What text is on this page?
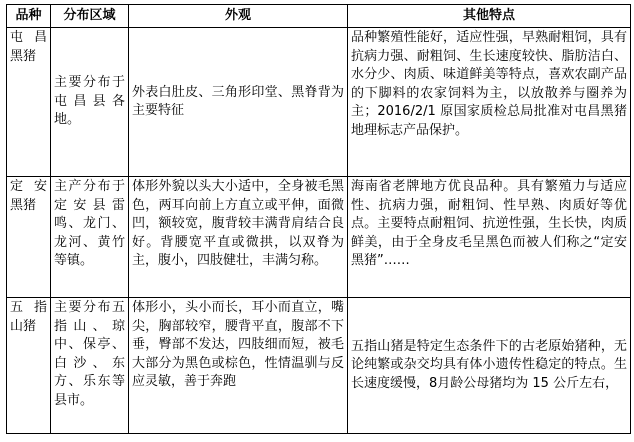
品种	分布区域	外观	其他特点
屯昌黑猪	主要分布于屯昌县各地。	外表白肚皮、三角形印堂、黑脊背为主要特征	品种繁殖性能好，适应性强，早熟耐粗饲，具有抗病力强、耐粗饲、生长速度较快、脂肪洁白、水分少、肉质、味道鲜美等特点，喜欢农副产品的下脚料的农家饲料为主，以放散养与圈养为主；2016/2/1 原国家质检总局批准对屯昌黑猪地理标志产品保护。
定安黑猪	主产分布于定安县雷鸣、龙门、龙河、黄竹等镇。	体形外貌以头大小适中，全身被毛黑色，两耳向前上方直立或平伸，面微凹，额较宽，腹背较丰满背肩结合良好。背腰宽平直或微拱，以双脊为主，腹小，四肢健壮，丰满匀称。	海南省老牌地方优良品种。具有繁殖力与适应性、抗病力强，耐粗饲、性早熟、肉质好等优点。主要特点耐粗饲、抗逆性强，生长快，肉质鲜美，由于全身皮毛呈黑色而被人们称之“定安黑猪”……
五指山猪	主要分布五指山、琼中、保亭、白沙、东方、乐东等县市。	体形小，头小而长，耳小而直立，嘴尖，胸部较窄，腰背平直，腹部不下垂，臀部不发达，四肢细而短，被毛大部分为黑色或棕色，性情温驯与反应灵敏，善于奔跑	五指山猪是特定生态条件下的古老原始猪种，无论纯繁或杂交均具有体小遗传性稳定的特点。生长速度缓慢，8月龄公母猪均为 15 公斤左右，
